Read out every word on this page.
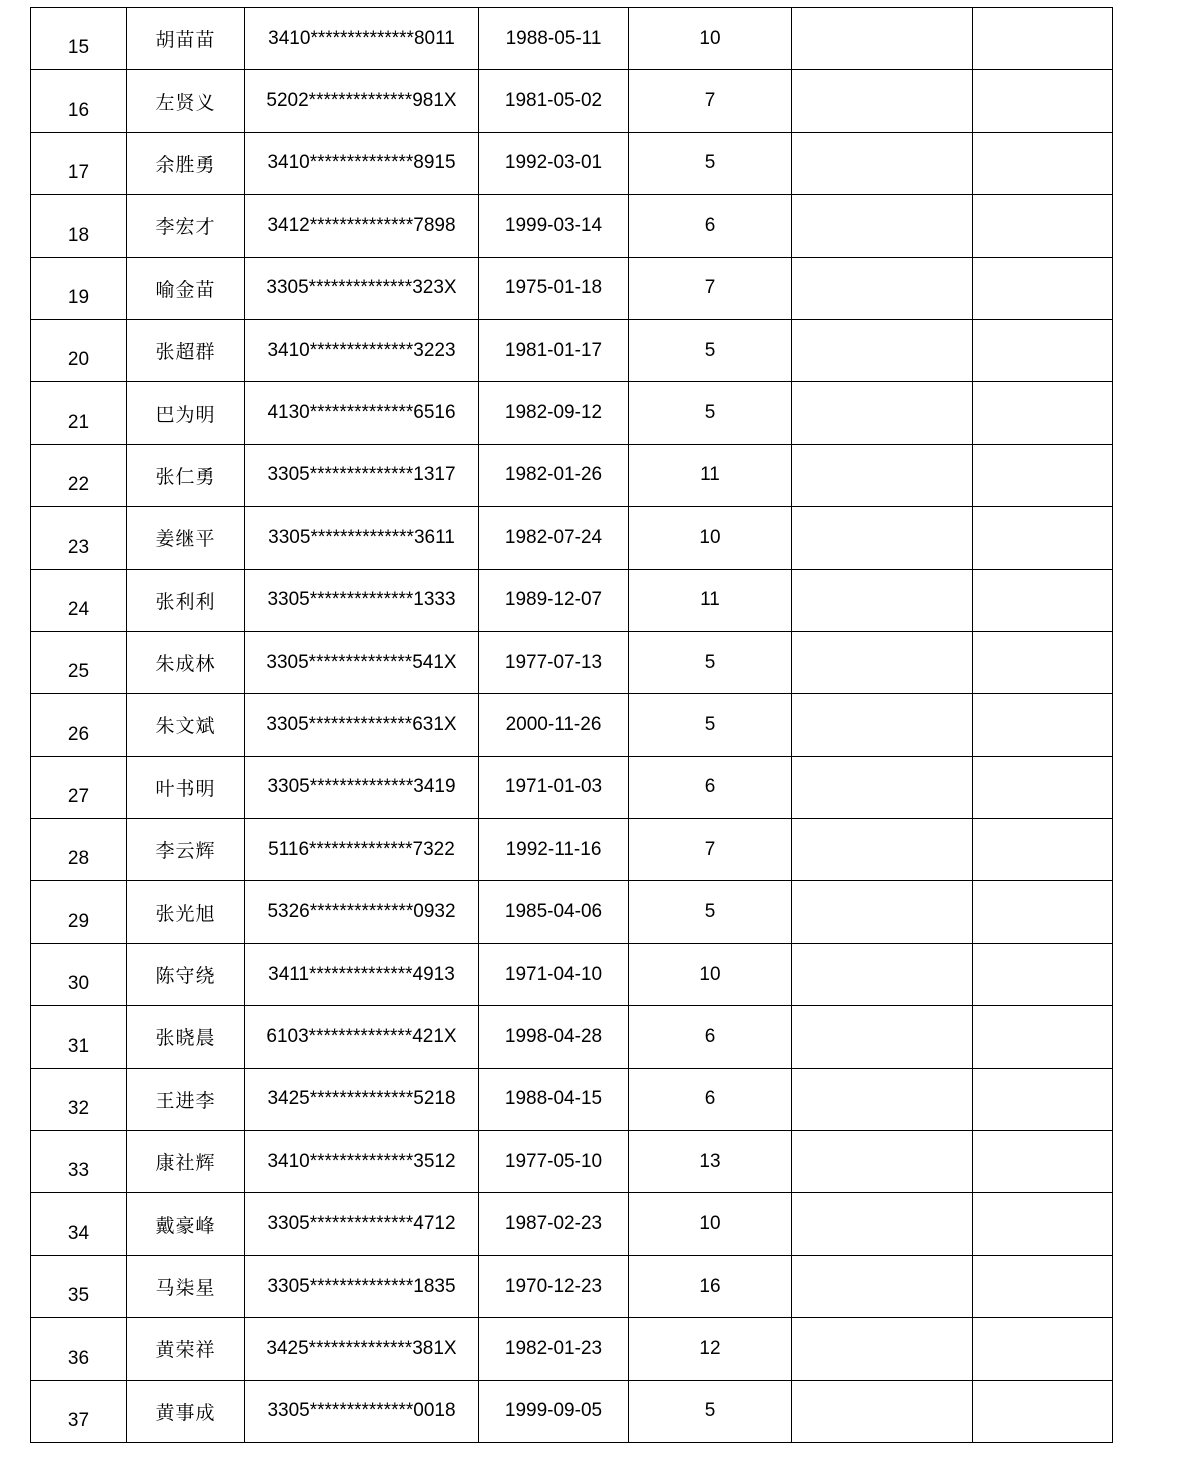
15	胡苗苗	3410**************8011	1988-05-11	10		
16	左贤义	5202**************981X	1981-05-02	7		
17	余胜勇	3410**************8915	1992-03-01	5		
18	李宏才	3412**************7898	1999-03-14	6		
19	喻金苗	3305**************323X	1975-01-18	7		
20	张超群	3410**************3223	1981-01-17	5		
21	巴为明	4130**************6516	1982-09-12	5		
22	张仁勇	3305**************1317	1982-01-26	11		
23	姜继平	3305**************3611	1982-07-24	10		
24	张利利	3305**************1333	1989-12-07	11		
25	朱成林	3305**************541X	1977-07-13	5		
26	朱文斌	3305**************631X	2000-11-26	5		
27	叶书明	3305**************3419	1971-01-03	6		
28	李云辉	5116**************7322	1992-11-16	7		
29	张光旭	5326**************0932	1985-04-06	5		
30	陈守绕	3411**************4913	1971-04-10	10		
31	张晓晨	6103**************421X	1998-04-28	6		
32	王进李	3425**************5218	1988-04-15	6		
33	康社辉	3410**************3512	1977-05-10	13		
34	戴豪峰	3305**************4712	1987-02-23	10		
35	马柒星	3305**************1835	1970-12-23	16		
36	黄荣祥	3425**************381X	1982-01-23	12		
37	黄事成	3305**************0018	1999-09-05	5		
